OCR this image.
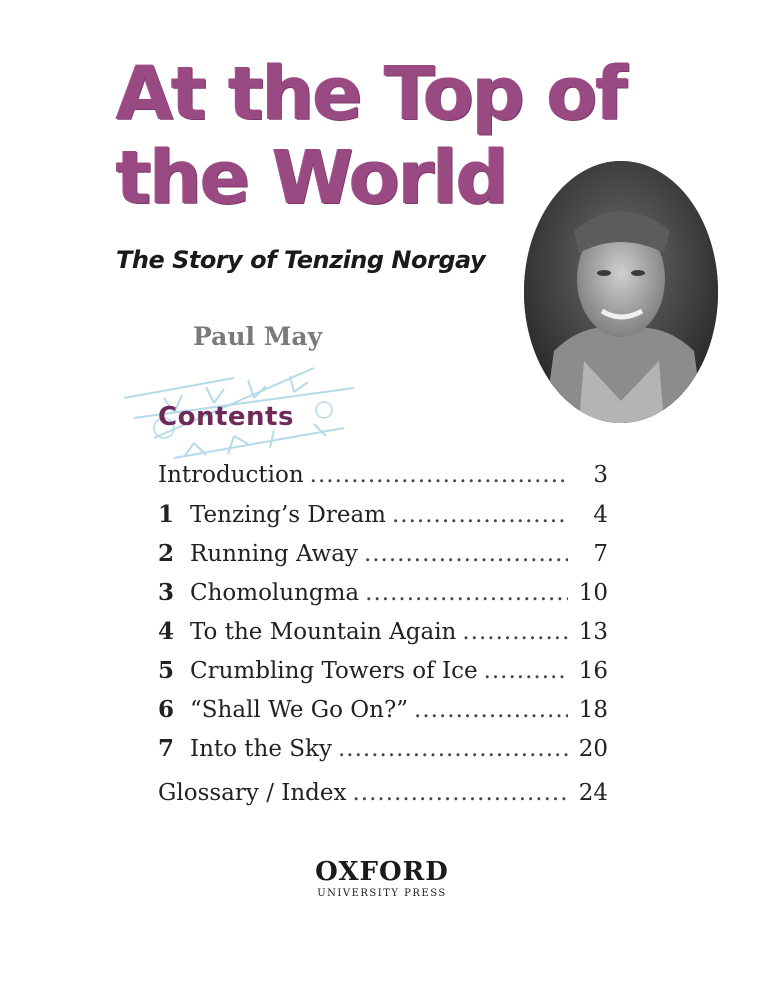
At the Top of
the World
The Story of Tenzing Norgay
Paul May
Contents
Introduction .....	3
1 Tenzing’s Dream .....	4
2 Running Away .....	7
3 Chomolungma .....	10
4 To the Mountain Again .....	13
5 Crumbling Towers of Ice .....	16
6 “Shall We Go On?” .....	18
7 Into the Sky .....	20
Glossary / Index .....	24
OXFORD
UNIVERSITY PRESS
